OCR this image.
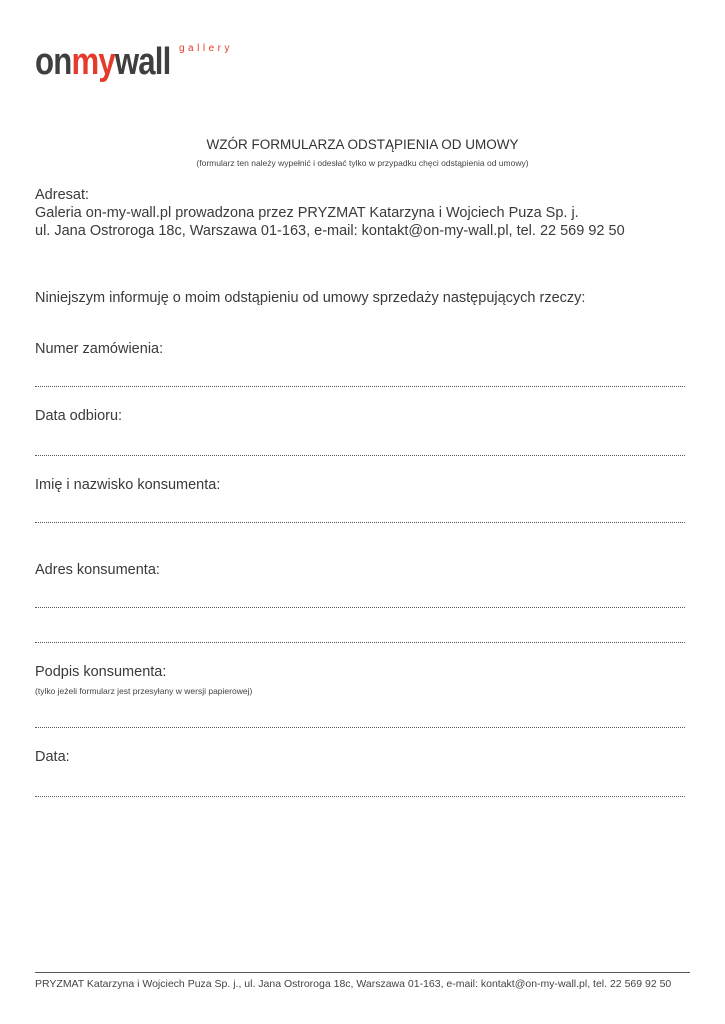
onmywall gallery
WZÓR FORMULARZA ODSTĄPIENIA OD UMOWY
(formularz ten należy wypełnić i odesłać tylko w przypadku chęci odstąpienia od umowy)
Adresat:
Galeria on-my-wall.pl prowadzona przez PRYZMAT Katarzyna i Wojciech Puza Sp. j.
ul. Jana Ostroroga 18c, Warszawa 01-163, e-mail: kontakt@on-my-wall.pl, tel. 22 569 92 50
Niniejszym informuję o moim odstąpieniu od umowy sprzedaży następujących rzeczy:
Numer zamówienia:
Data odbioru:
Imię i nazwisko konsumenta:
Adres konsumenta:
Podpis konsumenta:
(tylko jeżeli formularz jest przesyłany w wersji papierowej)
Data:
PRYZMAT Katarzyna i Wojciech Puza Sp. j., ul. Jana Ostroroga 18c, Warszawa 01-163, e-mail: kontakt@on-my-wall.pl, tel. 22 569 92 50
